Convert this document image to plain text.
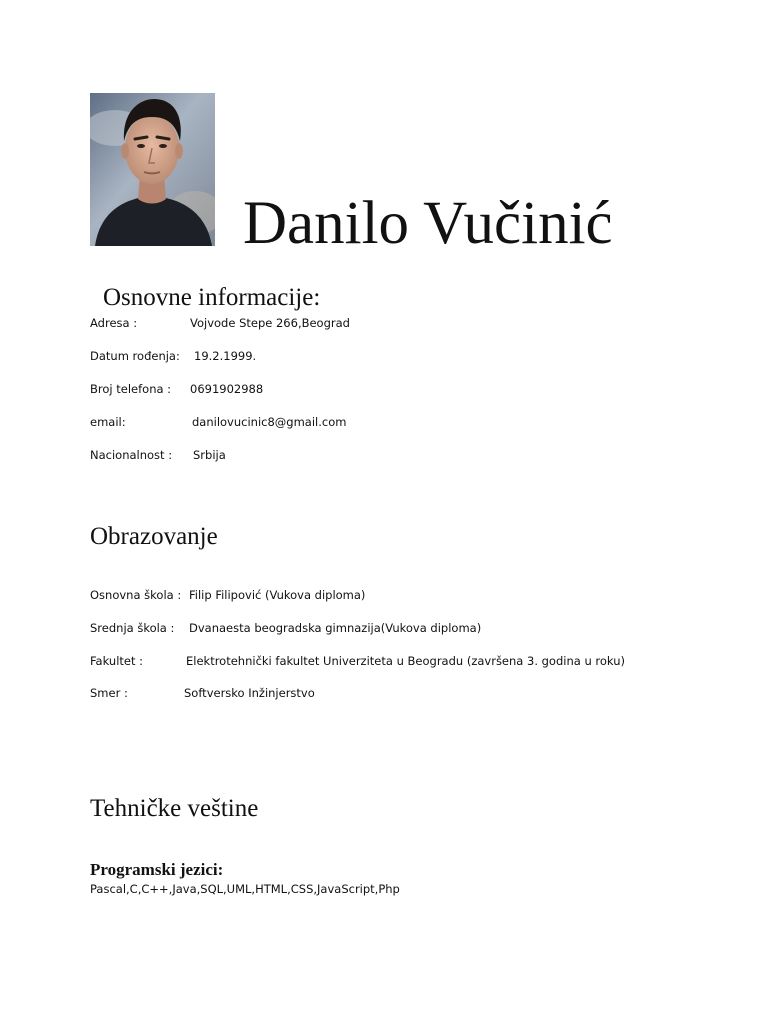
Danilo Vučinić
Osnovne informacije:
Adresa :	Vojvode Stepe 266,Beograd
Datum rođenja: 19.2.1999.
Broj telefona : 0691902988
email:	danilovucinic8@gmail.com
Nacionalnost : Srbija
Obrazovanje
Osnovna škola : Filip Filipović (Vukova diploma)
Srednja škola : Dvanaesta beogradska gimnazija(Vukova diploma)
Fakultet :	Elektrotehnički fakultet Univerziteta u Beogradu (završena 3. godina u roku)
Smer :	Softversko Inžinjerstvo
Tehničke veštine
Programski jezici:
Pascal,C,C++,Java,SQL,UML,HTML,CSS,JavaScript,Php
